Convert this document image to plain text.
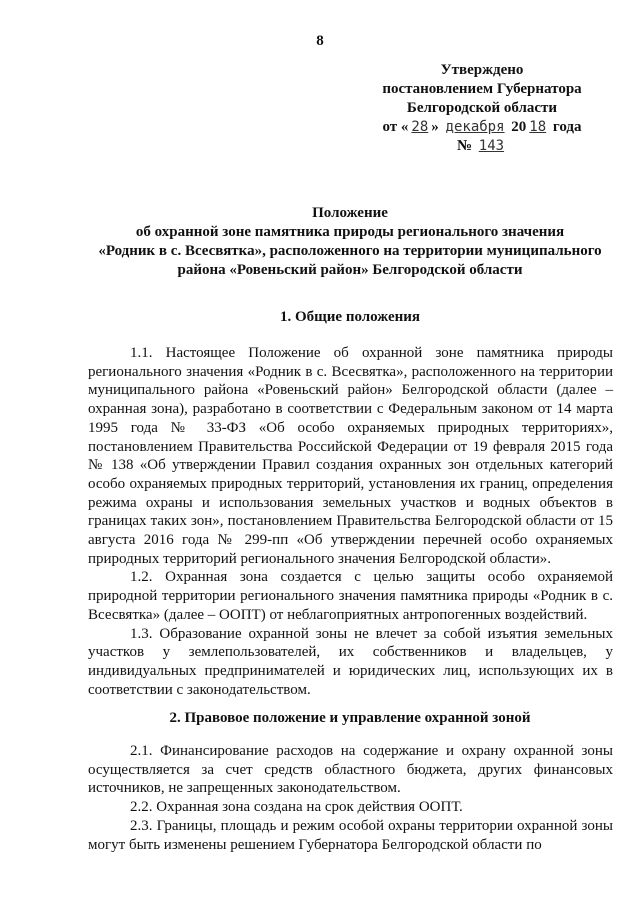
8
Утверждено
постановлением Губернатора
Белгородской области
от « 28 » декабря 20 18 года
№ 143
Положение
об охранной зоне памятника природы регионального значения
«Родник в с. Всесвятка», расположенного на территории муниципального
района «Ровеньский район» Белгородской области
1. Общие положения

1.1. Настоящее Положение об охранной зоне памятника природы регионального значения «Родник в с. Всесвятка», расположенного на территории муниципального района «Ровеньский район» Белгородской области (далее – охранная зона), разработано в соответствии с Федеральным законом от 14 марта 1995 года № 33-ФЗ «Об особо охраняемых природных территориях», постановлением Правительства Российской Федерации от 19 февраля 2015 года № 138 «Об утверждении Правил создания охранных зон отдельных категорий особо охраняемых природных территорий, установления их границ, определения режима охраны и использования земельных участков и водных объектов в границах таких зон», постановлением Правительства Белгородской области от 15 августа 2016 года № 299-пп «Об утверждении перечней особо охраняемых природных территорий регионального значения Белгородской области».

1.2. Охранная зона создается с целью защиты особо охраняемой природной территории регионального значения памятника природы «Родник в с. Всесвятка» (далее – ООПТ) от неблагоприятных антропогенных воздействий.

1.3. Образование охранной зоны не влечет за собой изъятия земельных участков у землепользователей, их собственников и владельцев, у индивидуальных предпринимателей и юридических лиц, использующих их в соответствии с законодательством.

2. Правовое положение и управление охранной зоной

2.1. Финансирование расходов на содержание и охрану охранной зоны осуществляется за счет средств областного бюджета, других финансовых источников, не запрещенных законодательством.

2.2. Охранная зона создана на срок действия ООПТ.

2.3. Границы, площадь и режим особой охраны территории охранной зоны могут быть изменены решением Губернатора Белгородской области по
